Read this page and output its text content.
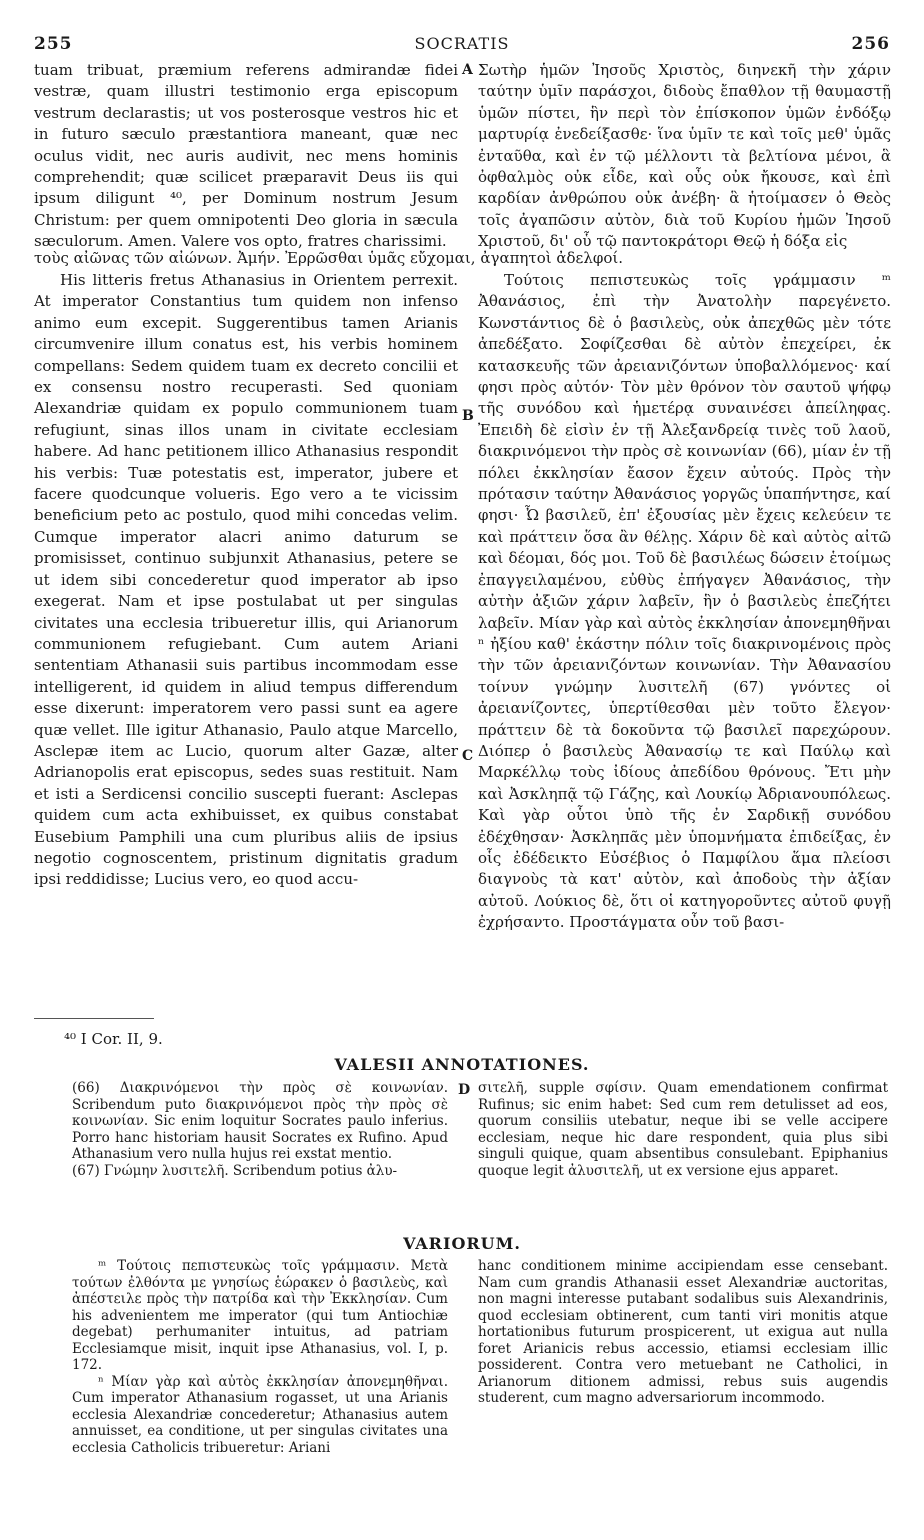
255	SOCRATIS	256

tuam tribuat, præmium referens admirandæ fidei vestræ, quam illustri testimonio erga episcopum vestrum declarastis; ut vos posterosque vestros hic et in futuro sæculo præstantiora maneant, quæ nec oculus vidit, nec auris audivit, nec mens hominis comprehendit; quæ scilicet præparavit Deus iis qui ipsum diligunt ⁴⁰, per Dominum nostrum Jesum Christum: per quem omnipotenti Deo gloria in sæcula sæculorum. Amen. Valere vos opto, fratres charissimi.

A Σωτὴρ ἡμῶν Ἰησοῦς Χριστὸς, διηνεκῆ τὴν χάριν ταύτην ὑμῖν παράσχοι, διδοὺς ἔπαθλον τῇ θαυμαστῇ ὑμῶν πίστει, ἣν περὶ τὸν ἐπίσκοπον ὑμῶν ἐνδόξῳ μαρτυρίᾳ ἐνεδείξασθε· ἵνα ὑμῖν τε καὶ τοῖς μεθ' ὑμᾶς ἐνταῦθα, καὶ ἐν τῷ μέλλοντι τὰ βελτίονα μένοι, ἃ ὀφθαλμὸς οὐκ εἶδε, καὶ οὖς οὐκ ἤκουσε, καὶ ἐπὶ καρδίαν ἀνθρώπου οὐκ ἀνέβη· ἃ ἡτοίμασεν ὁ Θεὸς τοῖς ἀγαπῶσιν αὐτὸν, διὰ τοῦ Κυρίου ἡμῶν Ἰησοῦ Χριστοῦ, δι' οὗ τῷ παντοκράτορι Θεῷ ἡ δόξα εἰς

τοὺς αἰῶνας τῶν αἰώνων. Ἀμήν. Ἐρρῶσθαι ὑμᾶς εὔχομαι, ἀγαπητοὶ ἀδελφοί.

His litteris fretus Athanasius in Orientem perrexit. At imperator Constantius tum quidem non infenso animo eum excepit. Suggerentibus tamen Arianis circumvenire illum conatus est, his verbis hominem compellans: Sedem quidem tuam ex decreto concilii et ex consensu nostro recuperasti. Sed quoniam Alexandriæ quidam ex populo communionem tuam refugiunt, sinas illos unam in civitate ecclesiam habere. Ad hanc petitionem illico Athanasius respondit his verbis: Tuæ potestatis est, imperator, jubere et facere quodcunque volueris. Ego vero a te vicissim beneficium peto ac postulo, quod mihi concedas velim. Cumque imperator alacri animo daturum se promisisset, continuo subjunxit Athanasius, petere se ut idem sibi concederetur quod imperator ab ipso exegerat. Nam et ipse postulabat ut per singulas civitates una ecclesia tribueretur illis, qui Arianorum communionem refugiebant. Cum autem Ariani sententiam Athanasii suis partibus incommodam esse intelligerent, id quidem in aliud tempus differendum esse dixerunt: imperatorem vero passi sunt ea agere quæ vellet. Ille igitur Athanasio, Paulo atque Marcello, Asclepæ item ac Lucio, quorum alter Gazæ, alter Adrianopolis erat episcopus, sedes suas restituit. Nam et isti a Serdicensi concilio suscepti fuerant: Asclepas quidem cum acta exhibuisset, ex quibus constabat Eusebium Pamphili una cum pluribus aliis de ipsius negotio cognoscentem, pristinum dignitatis gradum ipsi reddidisse; Lucius vero, eo quod accu-

B
C

Τούτοις πεπιστευκὼς τοῖς γράμμασιν ᵐ Ἀθανάσιος, ἐπὶ τὴν Ἀνατολὴν παρεγένετο. Κωνστάντιος δὲ ὁ βασιλεὺς, οὐκ ἀπεχθῶς μὲν τότε ἀπεδέξατο. Σοφίζεσθαι δὲ αὐτὸν ἐπεχείρει, ἐκ κατασκευῆς τῶν ἀρειανιζόντων ὑποβαλλόμενος· καί φησι πρὸς αὐτόν· Τὸν μὲν θρόνον τὸν σαυτοῦ ψήφῳ τῆς συνόδου καὶ ἡμετέρᾳ συναινέσει ἀπείληφας. Ἐπειδὴ δὲ εἰσὶν ἐν τῇ Ἀλεξανδρείᾳ τινὲς τοῦ λαοῦ, διακρινόμενοι τὴν πρὸς σὲ κοινωνίαν (66), μίαν ἐν τῇ πόλει ἐκκλησίαν ἔασον ἔχειν αὐτούς. Πρὸς τὴν πρότασιν ταύτην Ἀθανάσιος γοργῶς ὑπαπήντησε, καί φησι· Ὦ βασιλεῦ, ἐπ' ἐξουσίας μὲν ἔχεις κελεύειν τε καὶ πράττειν ὅσα ἂν θέλῃς. Χάριν δὲ καὶ αὐτὸς αἰτῶ καὶ δέομαι, δός μοι. Τοῦ δὲ βασιλέως δώσειν ἑτοίμως ἐπαγγειλαμένου, εὐθὺς ἐπήγαγεν Ἀθανάσιος, τὴν αὐτὴν ἀξιῶν χάριν λαβεῖν, ἣν ὁ βασιλεὺς ἐπεζήτει λαβεῖν. Μίαν γὰρ καὶ αὐτὸς ἐκκλησίαν ἀπονεμηθῆναι ⁿ ἠξίου καθ' ἑκάστην πόλιν τοῖς διακρινομένοις πρὸς τὴν τῶν ἀρειανιζόντων κοινωνίαν. Τὴν Ἀθανασίου τοίνυν γνώμην λυσιτελῆ (67) γνόντες οἱ ἀρειανίζοντες, ὑπερτίθεσθαι μὲν τοῦτο ἔλεγον· πράττειν δὲ τὰ δοκοῦντα τῷ βασιλεῖ παρεχώρουν. Διόπερ ὁ βασιλεὺς Ἀθανασίῳ τε καὶ Παύλῳ καὶ Μαρκέλλῳ τοὺς ἰδίους ἀπεδίδου θρόνους. Ἔτι μὴν καὶ Ἀσκληπᾷ τῷ Γάζης, καὶ Λουκίῳ Ἀδριανουπόλεως. Καὶ γὰρ οὗτοι ὑπὸ τῆς ἐν Σαρδικῇ συνόδου ἐδέχθησαν· Ἀσκληπᾶς μὲν ὑπομνήματα ἐπιδείξας, ἐν οἷς ἐδέδεικτο Εὐσέβιος ὁ Παμφίλου ἅμα πλείοσι διαγνοὺς τὰ κατ' αὐτὸν, καὶ ἀποδοὺς τὴν ἀξίαν αὐτοῦ. Λούκιος δὲ, ὅτι οἱ κατηγοροῦντες αὐτοῦ φυγῇ ἐχρήσαντο. Προστάγματα οὖν τοῦ βασι-

⁴⁰ I Cor. II, 9.
VALESII ANNOTATIONES.

(66) Διακρινόμενοι τὴν πρὸς σὲ κοινωνίαν. Scribendum puto διακρινόμενοι πρὸς τὴν πρὸς σὲ κοινωνίαν. Sic enim loquitur Socrates paulo inferius. Porro hanc historiam hausit Socrates ex Rufino. Apud Athanasium vero nulla hujus rei exstat mentio.

(67) Γνώμην λυσιτελῆ. Scribendum potius ἀλυ-

D σιτελῆ, supple σφίσιν. Quam emendationem confirmat Rufinus; sic enim habet: Sed cum rem detulisset ad eos, quorum consiliis utebatur, neque ibi se velle accipere ecclesiam, neque hic dare respondent, quia plus sibi singuli quique, quam absentibus consulebant. Epiphanius quoque legit ἀλυσιτελῆ, ut ex versione ejus apparet.

VARIORUM.

ᵐ Τούτοις πεπιστευκὼς τοῖς γράμμασιν. Μετὰ τούτων ἐλθόντα με γνησίως ἑώρακεν ὁ βασιλεὺς, καὶ ἀπέστειλε πρὸς τὴν πατρίδα καὶ τὴν Ἐκκλησίαν. Cum his advenientem me imperator (qui tum Antiochiæ degebat) perhumaniter intuitus, ad patriam Ecclesiamque misit, inquit ipse Athanasius, vol. I, p. 172.

ⁿ Μίαν γὰρ καὶ αὐτὸς ἐκκλησίαν ἀπονεμηθῆναι. Cum imperator Athanasium rogasset, ut una Arianis ecclesia Alexandriæ concederetur; Athanasius autem annuisset, ea conditione, ut per singulas civitates una ecclesia Catholicis tribueretur: Ariani

hanc conditionem minime accipiendam esse censebant. Nam cum grandis Athanasii esset Alexandriæ auctoritas, non magni interesse putabant sodalibus suis Alexandrinis, quod ecclesiam obtinerent, cum tanti viri monitis atque hortationibus futurum prospicerent, ut exigua aut nulla foret Arianicis rebus accessio, etiamsi ecclesiam illic possiderent. Contra vero metuebant ne Catholici, in Arianorum ditionem admissi, rebus suis augendis studerent, cum magno adversariorum incommodo.
